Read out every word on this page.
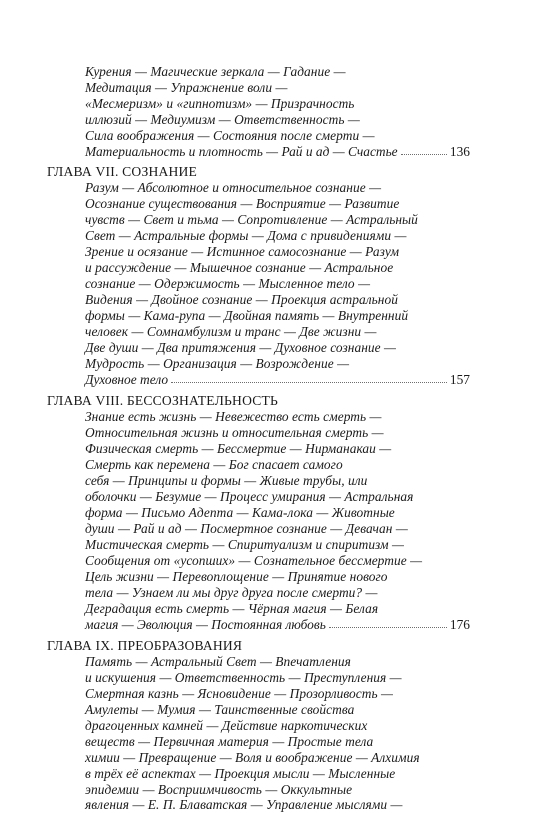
Курения — Магические зеркала — Гадание —
Медитация — Упражнение воли —
«Месмеризм» и «гипнотизм» — Призрачность
иллюзий — Медиумизм — Ответственность —
Сила воображения — Состояния после смерти —
Материальность и плотность — Рай и ад — Счастье	136
ГЛАВА VII. СОЗНАНИЕ
Разум — Абсолютное и относительное сознание —
Осознание существования — Восприятие — Развитие
чувств — Свет и тьма — Сопротивление — Астральный
Свет — Астральные формы — Дома с привидениями —
Зрение и осязание — Истинное самосознание — Разум
и рассуждение — Мышечное сознание — Астральное
сознание — Одержимость — Мысленное тело —
Видения — Двойное сознание — Проекция астральной
формы — Кама-рупа — Двойная память — Внутренний
человек — Сомнамбулизм и транс — Две жизни —
Две души — Два притяжения — Духовное сознание —
Мудрость — Организация — Возрождение —
Духовное тело	157
ГЛАВА VIII. БЕССОЗНАТЕЛЬНОСТЬ
Знание есть жизнь — Невежество есть смерть —
Относительная жизнь и относительная смерть —
Физическая смерть — Бессмертие — Нирманакаи —
Смерть как перемена — Бог спасает самого
себя — Принципы и формы — Живые трубы, или
оболочки — Безумие — Процесс умирания — Астральная
форма — Письмо Адепта — Кама-лока — Животные
души — Рай и ад — Посмертное сознание — Девачан —
Мистическая смерть — Спиритуализм и спиритизм —
Сообщения от «усопших» — Сознательное бессмертие —
Цель жизни — Перевоплощение — Принятие нового
тела — Узнаем ли мы друг друга после смерти? —
Деградация есть смерть — Чёрная магия — Белая
магия — Эволюция — Постоянная любовь	176
ГЛАВА IX. ПРЕОБРАЗОВАНИЯ
Память — Астральный Свет — Впечатления
и искушения — Ответственность — Преступления —
Смертная казнь — Ясновидение — Прозорливость —
Амулеты — Мумия — Таинственные свойства
драгоценных камней — Действие наркотических
веществ — Первичная материя — Простые тела
химии — Превращение — Воля и воображение — Алхимия
в трёх её аспектах — Проекция мысли — Мысленные
эпидемии — Восприимчивость — Оккультные
явления — Е. П. Блаватская — Управление мыслями —
